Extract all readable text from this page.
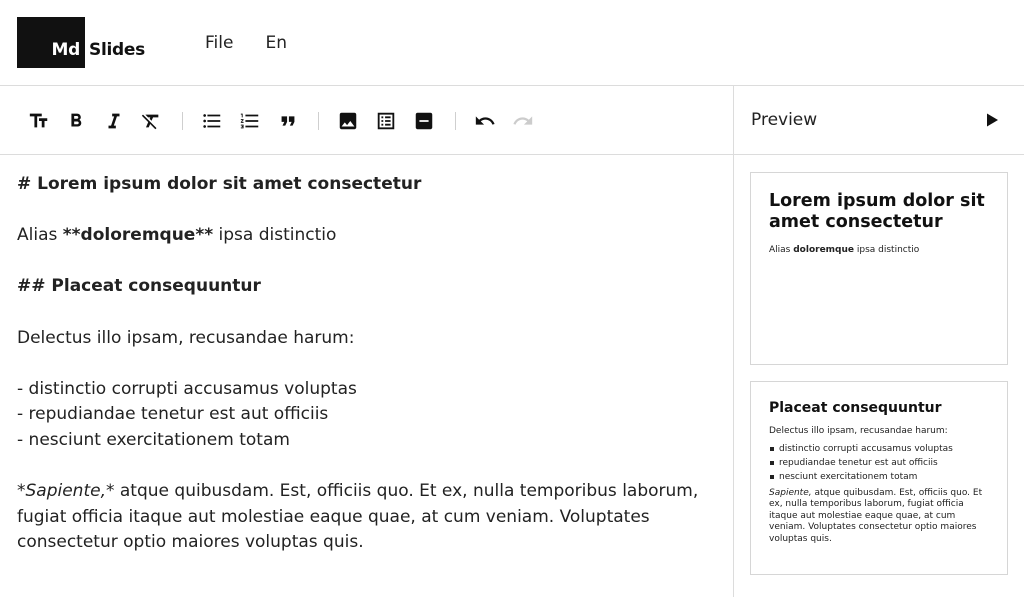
Md Slides	File En

# Lorem ipsum dolor sit amet consectetur

Alias **doloremque** ipsa distinctio

## Placeat consequuntur

Delectus illo ipsam, recusandae harum:

- distinctio corrupti accusamus voluptas

- repudiandae tenetur est aut officiis

- nesciunt exercitationem totam

*Sapiente,* atque quibusdam. Est, officiis quo. Et ex, nulla temporibus laborum, fugiat officia itaque aut molestiae eaque quae, at cum veniam. Voluptates consectetur optio maiores voluptas quis.

Preview
Lorem ipsum dolor sit amet consectetur
Alias doloremque ipsa distinctio
Placeat consequuntur
Delectus illo ipsam, recusandae harum:
distinctio corrupti accusamus voluptas
repudiandae tenetur est aut officiis
nesciunt exercitationem totam
Sapiente, atque quibusdam. Est, officiis quo. Et ex, nulla temporibus laborum, fugiat officia itaque aut molestiae eaque quae, at cum veniam. Voluptates consectetur optio maiores voluptas quis.
